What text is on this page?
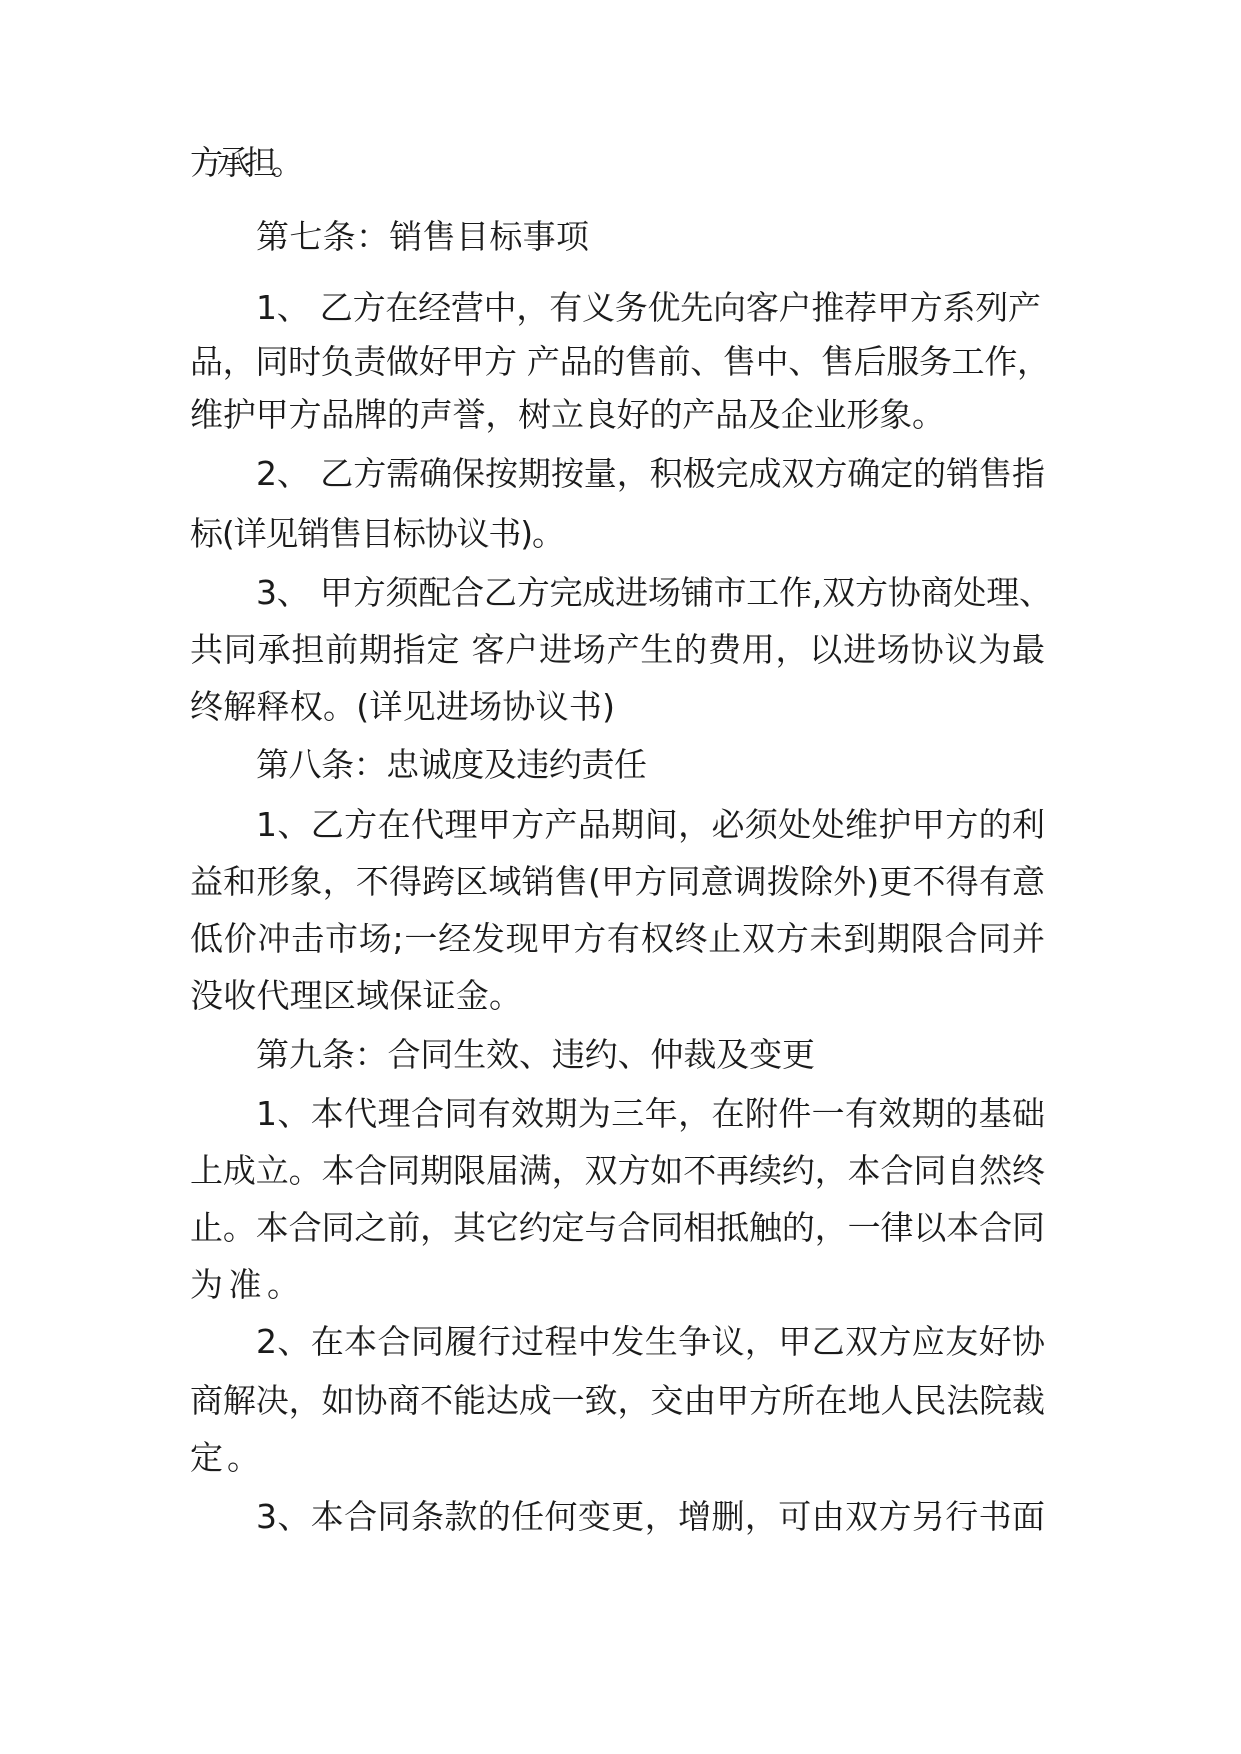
方承担。
第七条：销售目标事项
1、 乙方在经营中，有义务优先向客户推荐甲方系列产
品，同时负责做好甲方 产品的售前、售中、售后服务工作，
维护甲方品牌的声誉，树立良好的产品及企业形象。
2、 乙方需确保按期按量，积极完成双方确定的销售指
标(详见销售目标协议书)。
3、 甲方须配合乙方完成进场铺市工作,双方协商处理、
共同承担前期指定 客户进场产生的费用，以进场协议为最
终解释权。(详见进场协议书)
第八条：忠诚度及违约责任
1、乙方在代理甲方产品期间，必须处处维护甲方的利
益和形象，不得跨区域销售(甲方同意调拨除外)更不得有意
低价冲击市场;一经发现甲方有权终止双方未到期限合同并
没收代理区域保证金。
第九条：合同生效、违约、仲裁及变更
1、本代理合同有效期为三年，在附件一有效期的基础
上成立。本合同期限届满，双方如不再续约，本合同自然终
止。本合同之前，其它约定与合同相抵触的，一律以本合同
为准。
2、在本合同履行过程中发生争议，甲乙双方应友好协
商解决，如协商不能达成一致，交由甲方所在地人民法院裁
定。
3、本合同条款的任何变更，增删，可由双方另行书面
